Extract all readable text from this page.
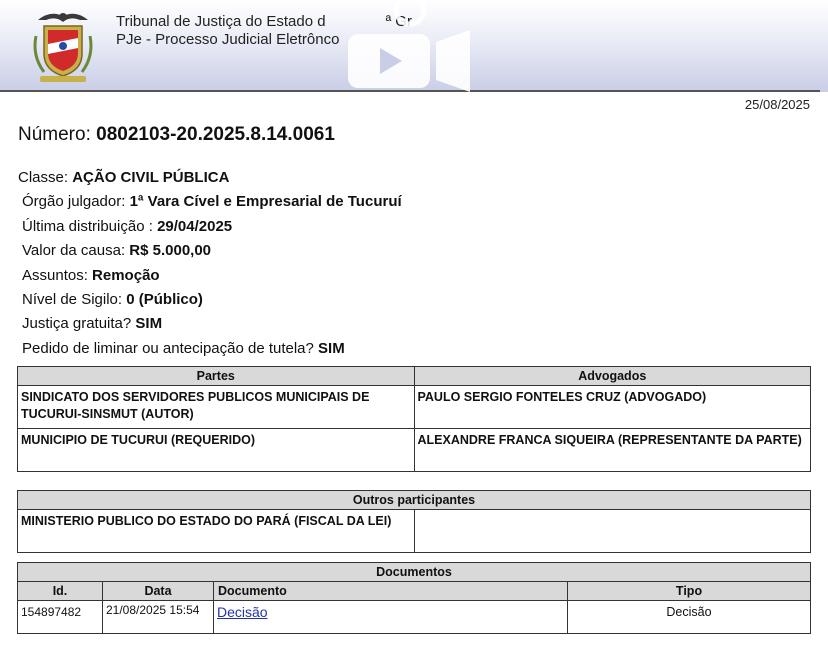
Tribunal de Justiça do Estado d	ª Gr
PJe - Processo Judicial Eletrônco
25/08/2025
Número: 0802103-20.2025.8.14.0061
Classe: AÇÃO CIVIL PÚBLICA
Órgão julgador: 1ª Vara Cível e Empresarial de Tucuruí
Última distribuição : 29/04/2025
Valor da causa: R$ 5.000,00
Assuntos: Remoção
Nível de Sigilo: 0 (Público)
Justiça gratuita? SIM
Pedido de liminar ou antecipação de tutela? SIM
Partes	Advogados
SINDICATO DOS SERVIDORES PUBLICOS MUNICIPAIS DE TUCURUI-SINSMUT (AUTOR)	PAULO SERGIO FONTELES CRUZ (ADVOGADO)
MUNICIPIO DE TUCURUI (REQUERIDO)	ALEXANDRE FRANCA SIQUEIRA (REPRESENTANTE DA PARTE)
Outros participantes
MINISTERIO PUBLICO DO ESTADO DO PARÁ (FISCAL DA LEI)	
Documentos			
Id.	Data	Documento	Tipo
154897482	21/08/2025 15:54	Decisão	Decisão
